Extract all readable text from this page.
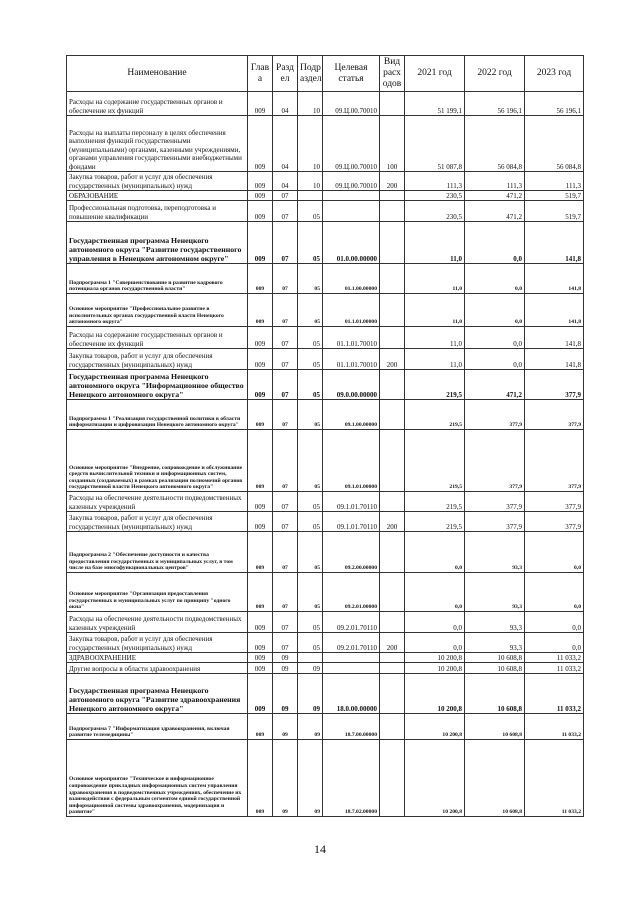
Наименование	Глав а	Разд ел	Подр аздел	Целевая статья	Вид расх одов	2021 год	2022 год	2023 год
Расходы на содержание государственных органов и обеспечение их функций	009	04	10	09.Ц.00.70010		51 199,1	56 196,1	56 196,1
Расходы на выплаты персоналу в целях обеспечения выполнения функций государственными (муниципальными) органами, казенными учреждениями, органами управления государственными внебюджетными фондами	009	04	10	09.Ц.00.70010	100	51 087,8	56 084,8	56 084,8
Закупка товаров, работ и услуг для обеспечения государственных (муниципальных) нужд	009	04	10	09.Ц.00.70010	200	111,3	111,3	111,3
ОБРАЗОВАНИЕ	009	07				230,5	471,2	519,7
Профессиональная подготовка, переподготовка и повышение квалификации	009	07	05			230,5	471,2	519,7
Государственная программа Ненецкого автономного округа "Развитие государственного управления в Ненецком автономном округе"	009	07	05	01.0.00.00000		11,0	0,0	141,8
Подпрограмма 1 "Совершенствование и развитие кадрового потенциала органов государственной власти"	009	07	05	01.1.00.00000		11,0	0,0	141,8
Основное мероприятие "Профессиональное развитие в исполнительных органах государственной власти Ненецкого автономного округа"	009	07	05	01.1.01.00000		11,0	0,0	141,8
Расходы на содержание государственных органов и обеспечение их функций	009	07	05	01.1.01.70010		11,0	0,0	141,8
Закупка товаров, работ и услуг для обеспечения государственных (муниципальных) нужд	009	07	05	01.1.01.70010	200	11,0	0,0	141,8
Государственная программа Ненецкого автономного округа "Информационное общество Ненецкого автономного округа"	009	07	05	09.0.00.00000		219,5	471,2	377,9
Подпрограмма 1 "Реализация государственной политики в области информатизации и цифровизации Ненецкого автономного округа"	009	07	05	09.1.00.00000		219,5	377,9	377,9
Основное мероприятие "Внедрение, сопровождение и обслуживание средств вычислительной техники и информационных систем, созданных (создаваемых) в рамках реализации полномочий органов государственной власти Ненецкого автономного округа"	009	07	05	09.1.01.00000		219,5	377,9	377,9
Расходы на обеспечение деятельности подведомственных казенных учреждений	009	07	05	09.1.01.70110		219,5	377,9	377,9
Закупка товаров, работ и услуг для обеспечения государственных (муниципальных) нужд	009	07	05	09.1.01.70110	200	219,5	377,9	377,9
Подпрограмма 2 "Обеспечение доступности и качества предоставления государственных и муниципальных услуг, в том числе на базе многофункциональных центров"	009	07	05	09.2.00.00000		0,0	93,3	0,0
Основное мероприятие "Организация предоставления государственных и муниципальных услуг по принципу "одного окна"	009	07	05	09.2.01.00000		0,0	93,3	0,0
Расходы на обеспечение деятельности подведомственных казенных учреждений	009	07	05	09.2.01.70110		0,0	93,3	0,0
Закупка товаров, работ и услуг для обеспечения государственных (муниципальных) нужд	009	07	05	09.2.01.70110	200	0,0	93,3	0,0
ЗДРАВООХРАНЕНИЕ	009	09				10 200,8	10 608,8	11 033,2
Другие вопросы в области здравоохранения	009	09	09			10 200,8	10 608,8	11 033,2
Государственная программа Ненецкого автономного округа "Развитие здравоохранения Ненецкого автономного округа"	009	09	09	18.0.00.00000		10 200,8	10 608,8	11 033,2
Подпрограмма 7 "Информатизация здравоохранения, включая развитие телемедицины"	009	09	09	18.7.00.00000		10 200,8	10 608,8	11 033,2
Основное мероприятие "Техническое и информационное сопровождение прикладных информационных систем управления здравоохранения в подведомственных учреждениях, обеспечение их взаимодействия с федеральным сегментом единой государственной информационной системы здравоохранения, модернизация и развитие"	009	09	09	18.7.02.00000		10 200,8	10 608,8	11 033,2
14
